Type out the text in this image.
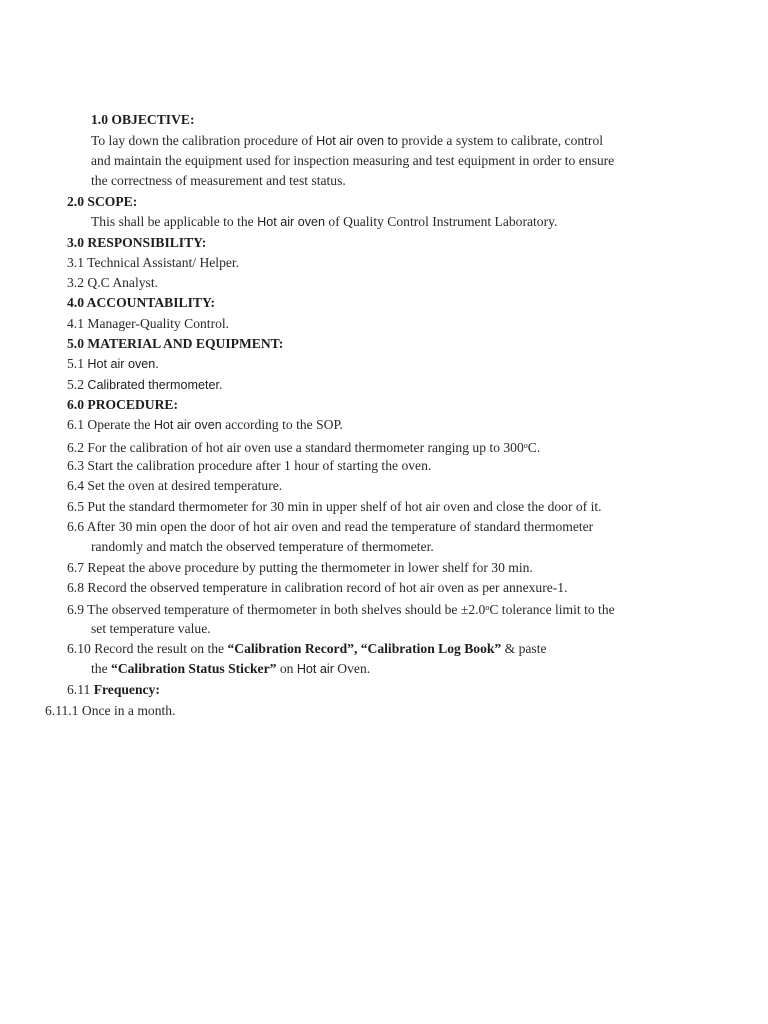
1.0 OBJECTIVE:
To lay down the calibration procedure of Hot air oven to provide a system to calibrate, control
and maintain the equipment used for inspection measuring and test equipment in order to ensure
the correctness of measurement and test status.
2.0 SCOPE:
This shall be applicable to the Hot air oven of Quality Control Instrument Laboratory.
3.0 RESPONSIBILITY:
3.1 Technical Assistant/ Helper.
3.2 Q.C Analyst.
4.0 ACCOUNTABILITY:
4.1 Manager-Quality Control.
5.0 MATERIAL AND EQUIPMENT:
5.1 Hot air oven.
5.2 Calibrated thermometer.
6.0 PROCEDURE:
6.1 Operate the Hot air oven according to the SOP.
6.2 For the calibration of hot air oven use a standard thermometer ranging up to 300$^o$C.
6.3 Start the calibration procedure after 1 hour of starting the oven.
6.4 Set the oven at desired temperature.
6.5 Put the standard thermometer for 30 min in upper shelf of hot air oven and close the door of it.
6.6 After 30 min open the door of hot air oven and read the temperature of standard thermometer
randomly and match the observed temperature of thermometer.
6.7 Repeat the above procedure by putting the thermometer in lower shelf for 30 min.
6.8 Record the observed temperature in calibration record of hot air oven as per annexure-1.
6.9 The observed temperature of thermometer in both shelves should be $\pm 2.0^oC$ tolerance limit to the
set temperature value.
6.10 Record the result on the “Calibration Record”, “Calibration Log Book” & paste
the “Calibration Status Sticker” on Hot air Oven.
6.11 Frequency:
6.11.1 Once in a month.
